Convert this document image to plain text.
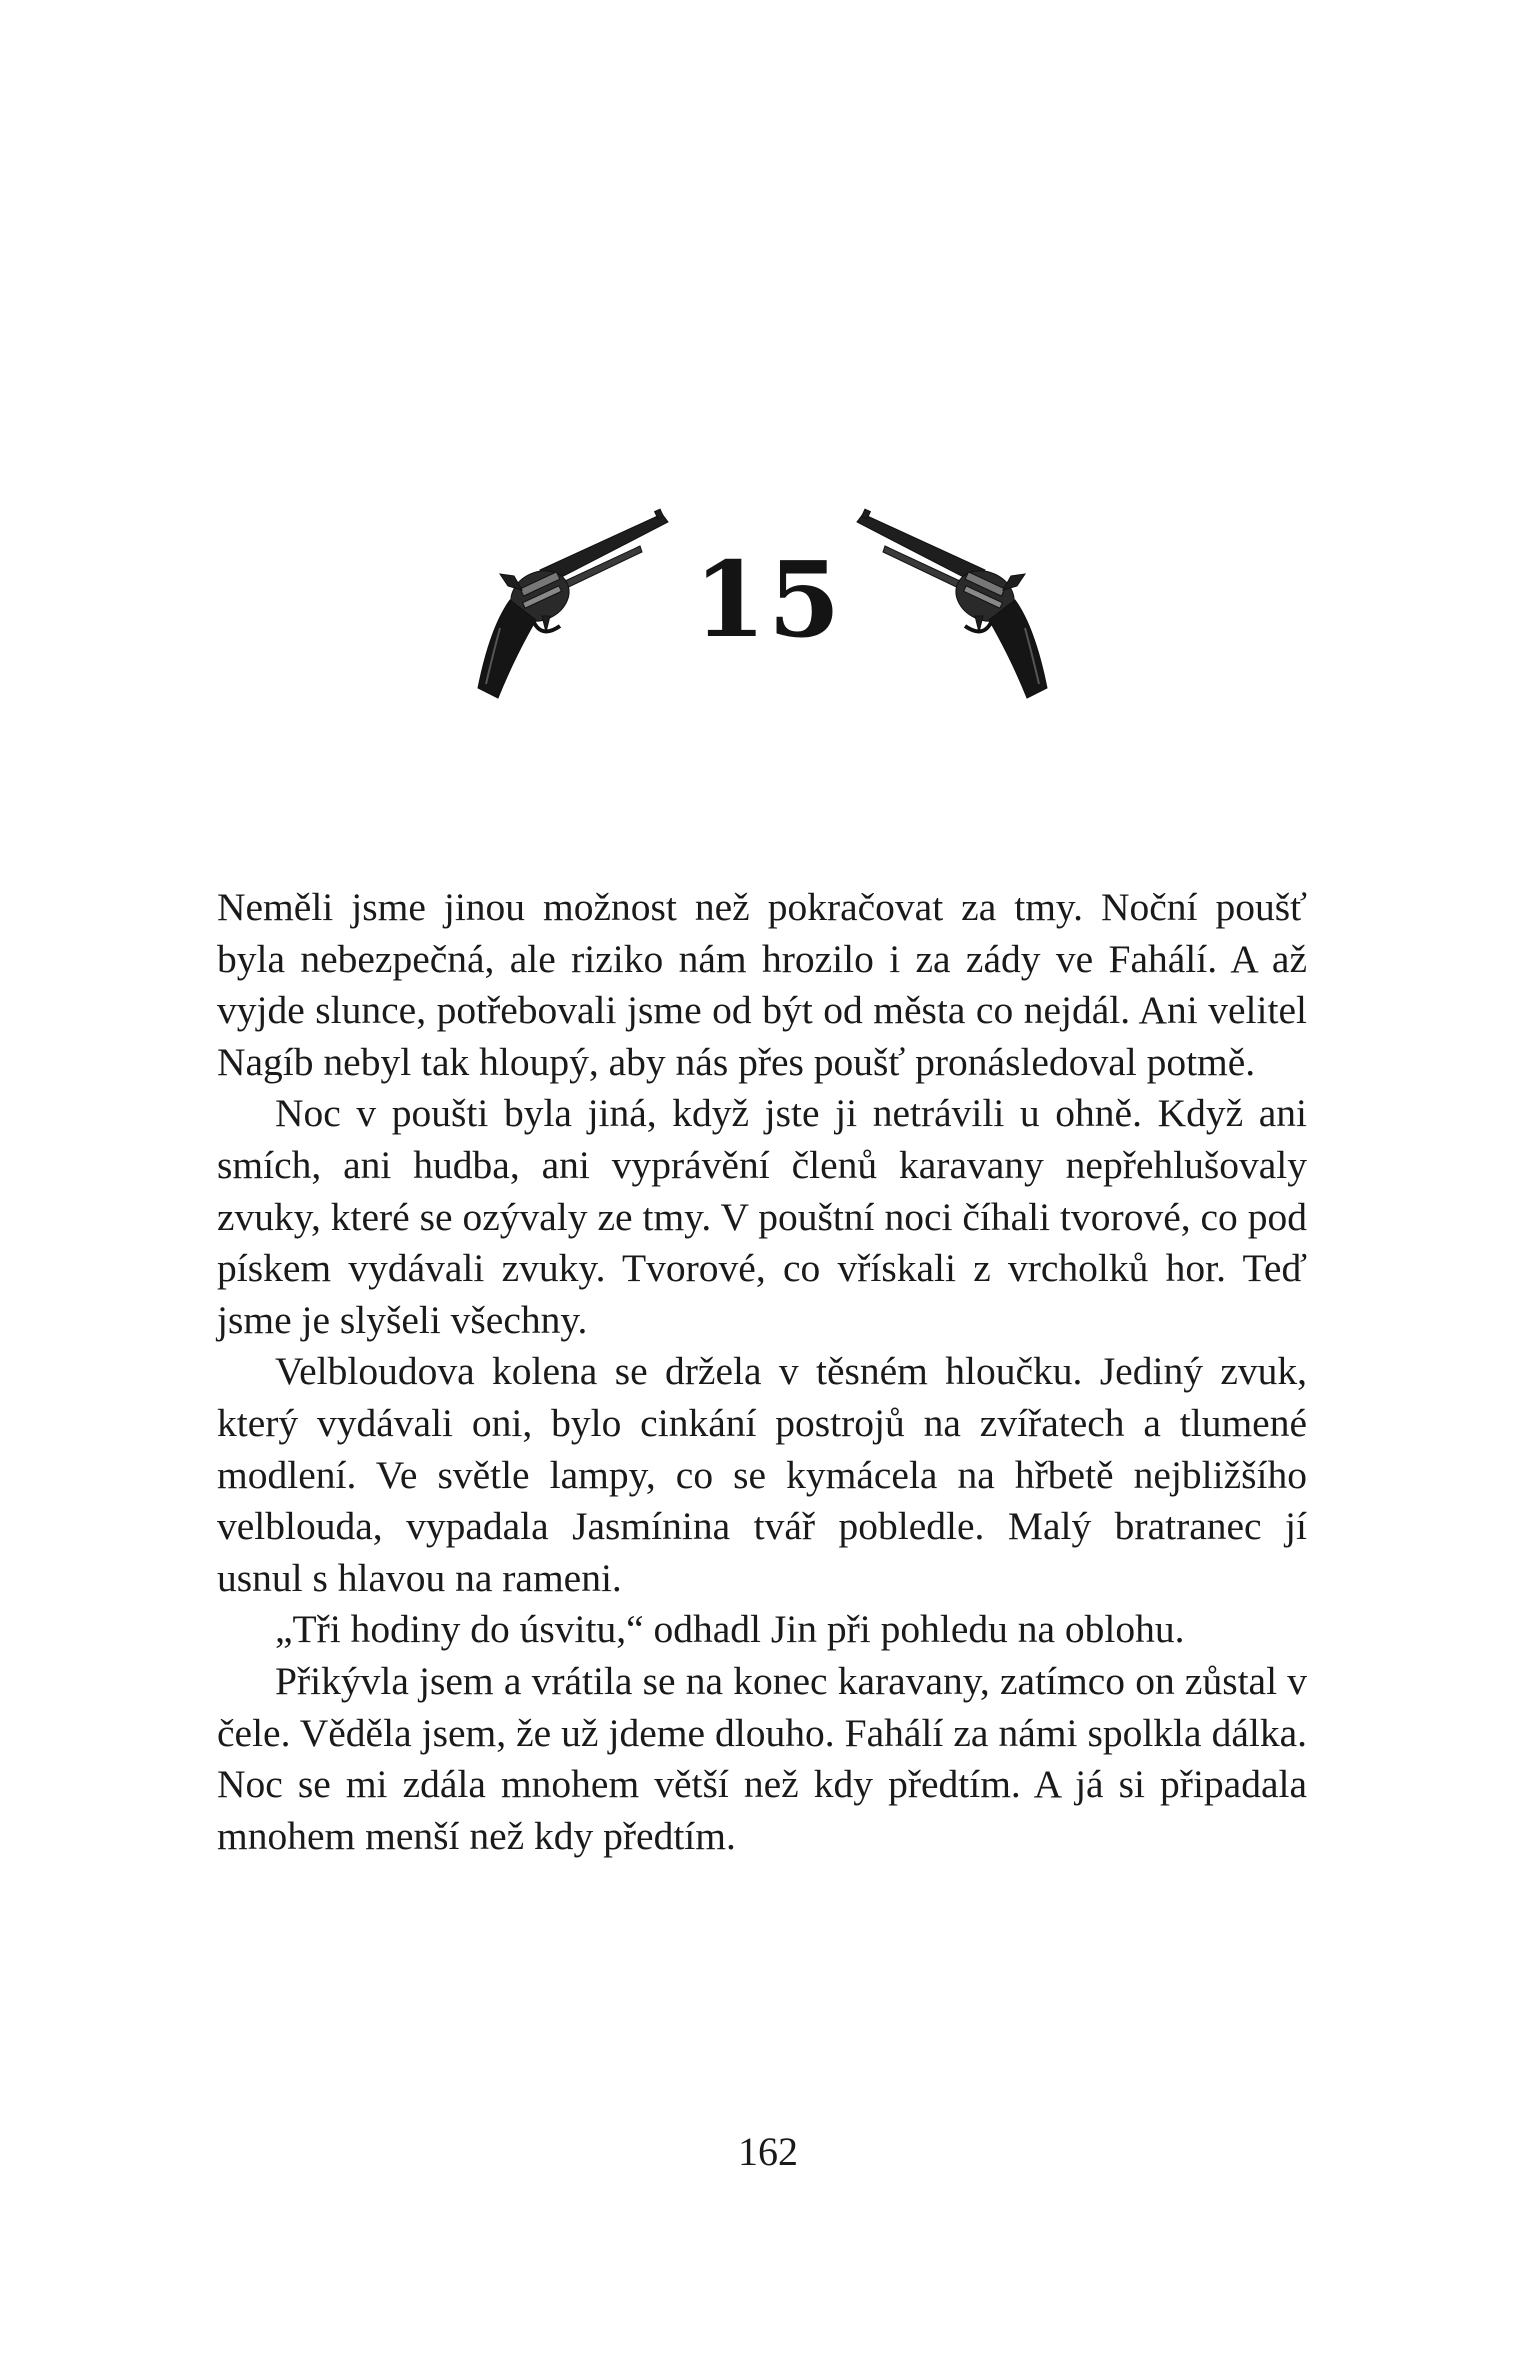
15

Neměli jsme jinou možnost než pokračovat za tmy. Noční poušť byla nebezpečná, ale riziko nám hrozilo i za zády ve Fahálí. A až vyjde slunce, potřebovali jsme od být od města co nejdál. Ani velitel Nagíb nebyl tak hloupý, aby nás přes poušť pronásledoval potmě.

Noc v poušti byla jiná, když jste ji netrávili u ohně. Když ani smích, ani hudba, ani vyprávění členů karavany nepřehlušovaly zvuky, které se ozývaly ze tmy. V pouštní noci číhali tvorové, co pod pískem vydávali zvuky. Tvorové, co vřískali z vrcholků hor. Teď jsme je slyšeli všechny.

Velbloudova kolena se držela v těsném hloučku. Jediný zvuk, který vydávali oni, bylo cinkání postrojů na zvířatech a tlumené modlení. Ve světle lampy, co se kymácela na hřbetě nejbližšího velblouda, vypadala Jasmínina tvář pobledle. Malý bratranec jí usnul s hlavou na rameni.

„Tři hodiny do úsvitu,“ odhadl Jin při pohledu na oblohu.

Přikývla jsem a vrátila se na konec karavany, zatímco on zůstal v čele. Věděla jsem, že už jdeme dlouho. Fahálí za námi spolkla dálka. Noc se mi zdála mnohem větší než kdy předtím. A já si připadala mnohem menší než kdy předtím.

162
